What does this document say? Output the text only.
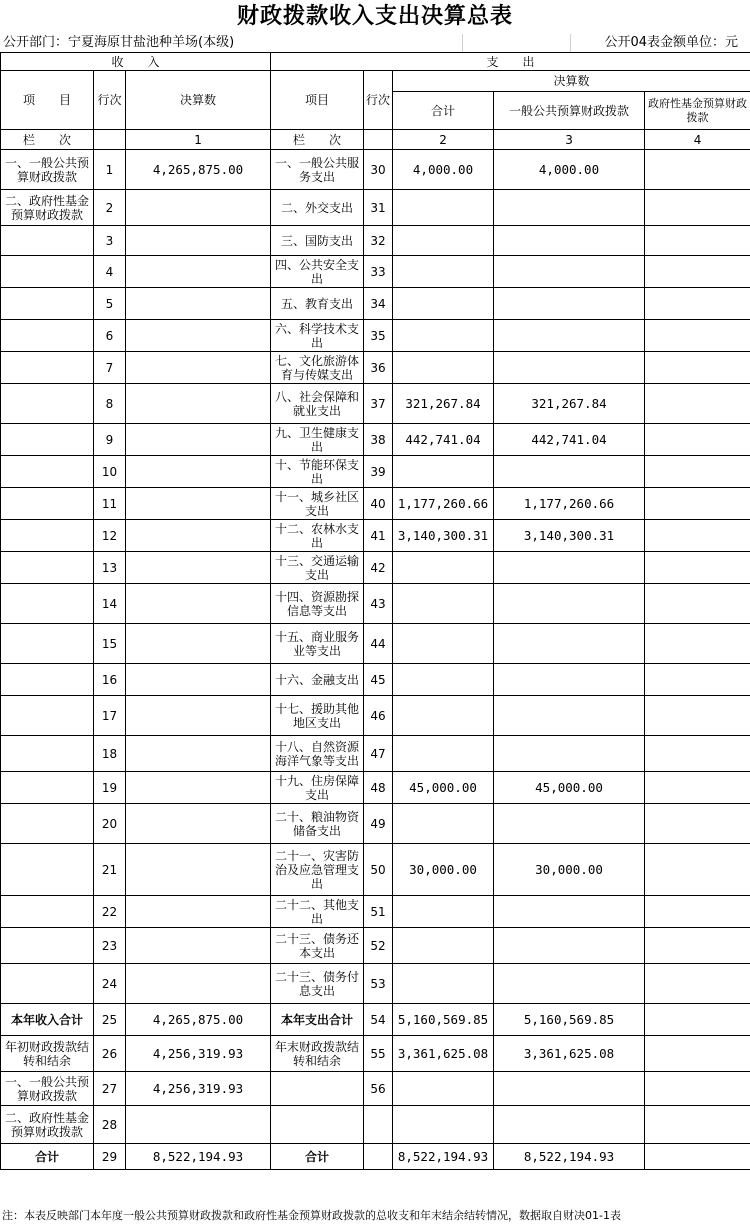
财政拨款收入支出决算总表
公开部门：宁夏海原甘盐池种羊场(本级)	公开04表金额单位：元
收　　入			支　　出				
项　　目	行次	决算数	项目	行次	决算数		
					合计	一般公共预算财政拨款	政府性基金预算财政拨款
栏　　次		1	栏　　次		2	3	4
一、一般公共预算财政拨款	1	4,265,875.00	一、一般公共服务支出	30	4,000.00	4,000.00	
二、政府性基金预算财政拨款	2		二、外交支出	31			
	3		三、国防支出	32			
	4		四、公共安全支出	33			
	5		五、教育支出	34			
	6		六、科学技术支出	35			
	7		七、文化旅游体育与传媒支出	36			
	8		八、社会保障和就业支出	37	321,267.84	321,267.84	
	9		九、卫生健康支出	38	442,741.04	442,741.04	
	10		十、节能环保支出	39			
	11		十一、城乡社区支出	40	1,177,260.66	1,177,260.66	
	12		十二、农林水支出	41	3,140,300.31	3,140,300.31	
	13		十三、交通运输支出	42			
	14		十四、资源勘探信息等支出	43			
	15		十五、商业服务业等支出	44			
	16		十六、金融支出	45			
	17		十七、援助其他地区支出	46			
	18		十八、自然资源海洋气象等支出	47			
	19		十九、住房保障支出	48	45,000.00	45,000.00	
	20		二十、粮油物资储备支出	49			
	21		二十一、灾害防治及应急管理支出	50	30,000.00	30,000.00	
	22		二十二、其他支出	51			
	23		二十三、债务还本支出	52			
	24		二十三、债务付息支出	53			
本年收入合计	25	4,265,875.00	本年支出合计	54	5,160,569.85	5,160,569.85	
年初财政拨款结转和结余	26	4,256,319.93	年末财政拨款结转和结余	55	3,361,625.08	3,361,625.08	
一、一般公共预算财政拨款	27	4,256,319.93		56			
二、政府性基金预算财政拨款	28						
合计	29	8,522,194.93	合计		8,522,194.93	8,522,194.93	
注：本表反映部门本年度一般公共预算财政拨款和政府性基金预算财政拨款的总收支和年末结余结转情况，数据取自财决01-1表
